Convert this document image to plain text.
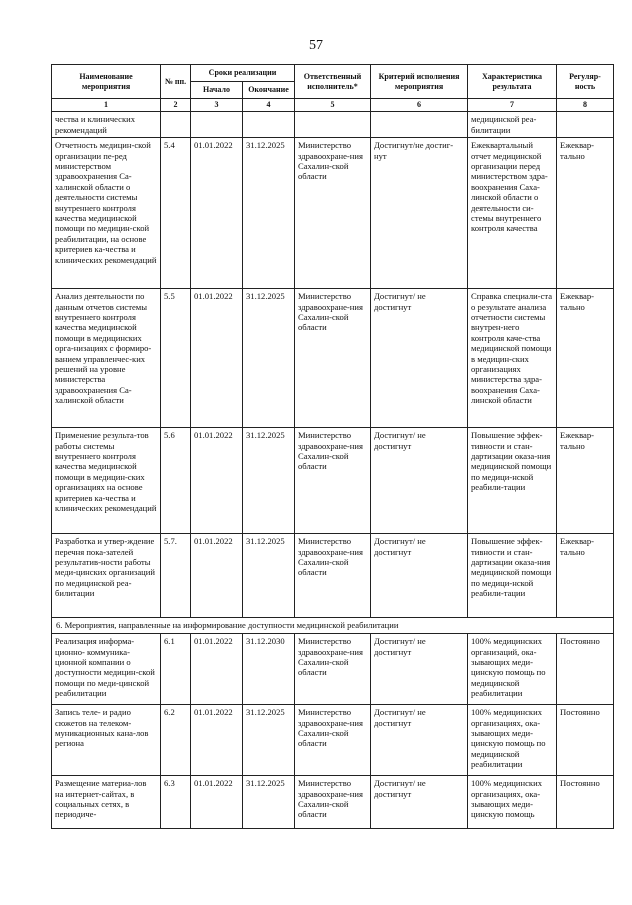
57
Наименование мероприятия	№ пп.	Сроки реализации		Ответственный исполнитель*	Критерий исполнения мероприятия	Характеристика результата	Регуляр-ность
		Начало	Окончание				
1	2	3	4	5	6	7	8
чества и клинических рекомендаций						медицинской реа-билитации	
Отчетность медицин-ской организации пе-ред министерством здравоохранения Са-халинской области о деятельности системы внутреннего контроля качества медицинской помощи по медицин-ской реабилитации, на основе критериев ка-чества и клинических рекомендаций	5.4	01.01.2022	31.12.2025	Министерство здравоохране-ния Сахалин-ской области	Достигнут/не достиг-нут	Ежеквартальный отчет медицинской организации перед министерством здра-воохранения Саха-линской области о деятельности си-стемы внутреннего контроля качества	Ежеквар-тально
Анализ деятельности по данным отчетов системы внутреннего контроля качества медицинской помощи в медицинских орга-низациях с формиро-ванием управленчес-ких решений на уровне министерства здравоохранения Са-халинской области	5.5	01.01.2022	31.12.2025	Министерство здравоохране-ния Сахалин-ской области	Достигнут/ не достигнут	Справка специали-ста о результате анализа отчетности системы внутрен-него контроля каче-ства медицинской помощи в медицин-ских организациях министерства здра-воохранения Саха-линской области	Ежеквар-тально
Применение результа-тов работы системы внутреннего контроля качества медицинской помощи в медицин-ских организациях на основе критериев ка-чества и клинических рекомендаций	5.6	01.01.2022	31.12.2025	Министерство здравоохране-ния Сахалин-ской области	Достигнут/ не достигнут	Повышение эффек-тивности и стан-дартизации оказа-ния медицинской помощи по медици-нской реабили-тации	Ежеквар-тально
Разработка и утвер-ждение перечня пока-зателей результатив-ности работы меди-цинских организаций по медицинской реа-билитации	5.7.	01.01.2022	31.12.2025	Министерство здравоохране-ния Сахалин-ской области	Достигнут/ не достигнут	Повышение эффек-тивности и стан-дартизации оказа-ния медицинской помощи по медици-нской реабили-тации	Ежеквар-тально
6. Мероприятия, направленные на информирование доступности медицинской реабилитации							
Реализация информа-ционно- коммуника-ционной компании о доступности медицин-ской помощи по меди-цинской реабилитации	6.1	01.01.2022	31.12.2030	Министерство здравоохране-ния Сахалин-ской области	Достигнут/ не достигнут	100% медицинских организаций, ока-зывающих меди-цинскую помощь по медицинской реабилитации	Постоянно
Запись теле- и радио сюжетов на телеком-муникационных кана-лов региона	6.2	01.01.2022	31.12.2025	Министерство здравоохране-ния Сахалин-ской области	Достигнут/ не достигнут	100% медицинских организациях, ока-зывающих меди-цинскую помощь по медицинской реабилитации	Постоянно
Размещение материа-лов на интернет-сайтах, в социальных сетях, в периодиче-	6.3	01.01.2022	31.12.2025	Министерство здравоохране-ния Сахалин-ской области	Достигнут/ не достигнут	100% медицинских организациях, ока-зывающих меди-цинскую помощь	Постоянно
